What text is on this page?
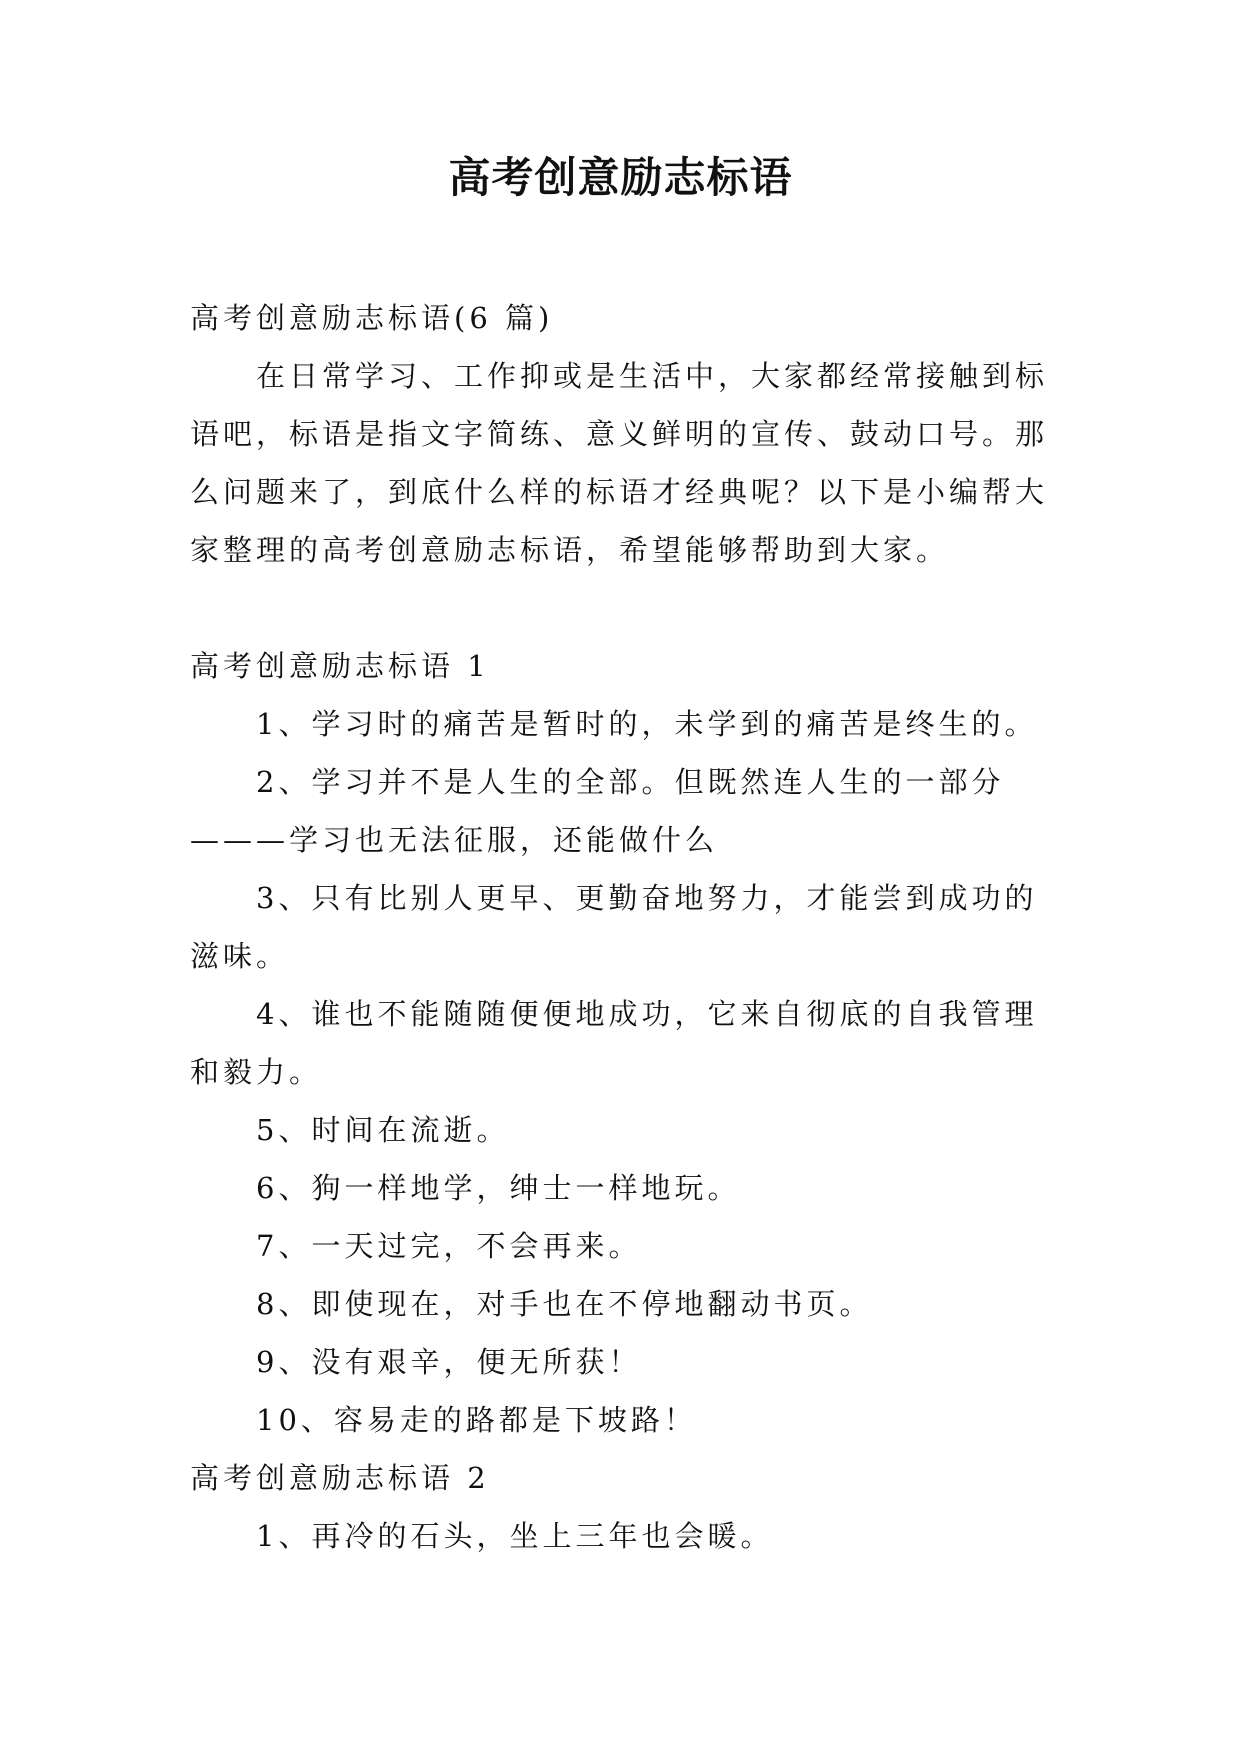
高考创意励志标语

高考创意励志标语(6 篇)

在日常学习、工作抑或是生活中，大家都经常接触到标

语吧，标语是指文字简练、意义鲜明的宣传、鼓动口号。那

么问题来了，到底什么样的标语才经典呢？以下是小编帮大

家整理的高考创意励志标语，希望能够帮助到大家。

高考创意励志标语 1

1、学习时的痛苦是暂时的，未学到的痛苦是终生的。

2、学习并不是人生的全部。但既然连人生的一部分

———学习也无法征服，还能做什么

3、只有比别人更早、更勤奋地努力，才能尝到成功的

滋味。

4、谁也不能随随便便地成功，它来自彻底的自我管理

和毅力。

5、时间在流逝。

6、狗一样地学，绅士一样地玩。

7、一天过完，不会再来。

8、即使现在，对手也在不停地翻动书页。

9、没有艰辛，便无所获！

10、容易走的路都是下坡路！

高考创意励志标语 2

1、再冷的石头，坐上三年也会暖。
